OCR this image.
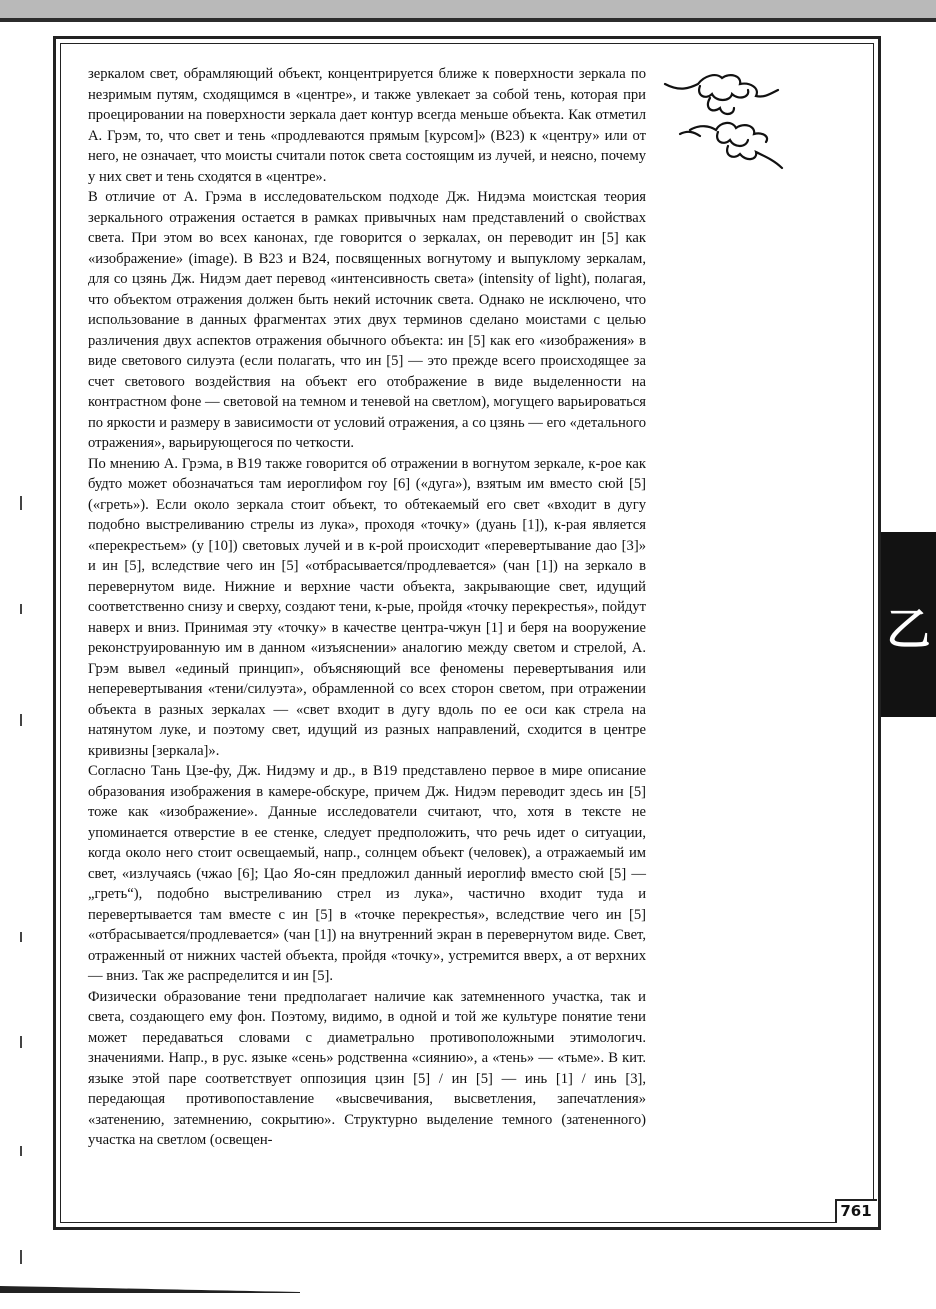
зеркалом свет, обрамляющий объект, концентрируется ближе к поверхности зеркала по незримым путям, сходящимся в «центре», и также увлекает за собой тень, которая при проецировании на поверхности зеркала дает контур всегда меньше объекта. Как отметил А. Грэм, то, что свет и тень «продлеваются прямым [курсом]» (B23) к «центру» или от него, не означает, что моисты считали поток света состоящим из лучей, и неясно, почему у них свет и тень сходятся в «центре».

В отличие от А. Грэма в исследовательском подходе Дж. Нидэма моистская теория зеркального отражения остается в рамках привычных нам представлений о свойствах света. При этом во всех канонах, где говорится о зеркалах, он переводит ин [5] как «изображение» (image). В B23 и B24, посвященных вогнутому и выпуклому зеркалам, для со цзянь Дж. Нидэм дает перевод «интенсивность света» (intensity of light), полагая, что объектом отражения должен быть некий источник света. Однако не исключено, что использование в данных фрагментах этих двух терминов сделано моистами с целью различения двух аспектов отражения обычного объекта: ин [5] как его «изображения» в виде светового силуэта (если полагать, что ин [5] — это прежде всего происходящее за счет светового воздействия на объект его отображение в виде выделенности на контрастном фоне — световой на темном и теневой на светлом), могущего варьироваться по яркости и размеру в зависимости от условий отражения, а со цзянь — его «детального отражения», варьирующегося по четкости.

По мнению А. Грэма, в B19 также говорится об отражении в вогнутом зеркале, к-рое как будто может обозначаться там иероглифом гоу [6] («дуга»), взятым им вместо сюй [5] («греть»). Если около зеркала стоит объект, то обтекаемый его свет «входит в дугу подобно выстреливанию стрелы из лука», проходя «точку» (дуань [1]), к-рая является «перекрестьем» (у [10]) световых лучей и в к-рой происходит «перевертывание дао [3]» и ин [5], вследствие чего ин [5] «отбрасывается/продлевается» (чан [1]) на зеркало в перевернутом виде. Нижние и верхние части объекта, закрывающие свет, идущий соответственно снизу и сверху, создают тени, к-рые, пройдя «точку перекрестья», пойдут наверх и вниз. Принимая эту «точку» в качестве центра-чжун [1] и беря на вооружение реконструированную им в данном «изъяснении» аналогию между светом и стрелой, А. Грэм вывел «единый принцип», объясняющий все феномены перевертывания или неперевертывания «тени/силуэта», обрамленной со всех сторон светом, при отражении объекта в разных зеркалах — «свет входит в дугу вдоль по ее оси как стрела на натянутом луке, и поэтому свет, идущий из разных направлений, сходится в центре кривизны [зеркала]».

Согласно Тань Цзе-фу, Дж. Нидэму и др., в B19 представлено первое в мире описание образования изображения в камере-обскуре, причем Дж. Нидэм переводит здесь ин [5] тоже как «изображение». Данные исследователи считают, что, хотя в тексте не упоминается отверстие в ее стенке, следует предположить, что речь идет о ситуации, когда около него стоит освещаемый, напр., солнцем объект (человек), а отражаемый им свет, «излучаясь (чжао [6]; Цао Яо-сян предложил данный иероглиф вместо сюй [5] — „греть“), подобно выстреливанию стрел из лука», частично входит туда и перевертывается там вместе с ин [5] в «точке перекрестья», вследствие чего ин [5] «отбрасывается/продлевается» (чан [1]) на внутренний экран в перевернутом виде. Свет, отраженный от нижних частей объекта, пройдя «точку», устремится вверх, а от верхних — вниз. Так же распределится и ин [5].

Физически образование тени предполагает наличие как затемненного участка, так и света, создающего ему фон. Поэтому, видимо, в одной и той же культуре понятие тени может передаваться словами с диаметрально противоположными этимологич. значениями. Напр., в рус. языке «сень» родственна «сиянию», а «тень» — «тьме». В кит. языке этой паре соответствует оппозиция цзин [5] / ин [5] — инь [1] / инь [3], передающая противопоставление «высвечивания, высветления, запечатления» «затенению, затемнению, сокрытию». Структурно выделение темного (затененного) участка на светлом (освещен-

乙
761
